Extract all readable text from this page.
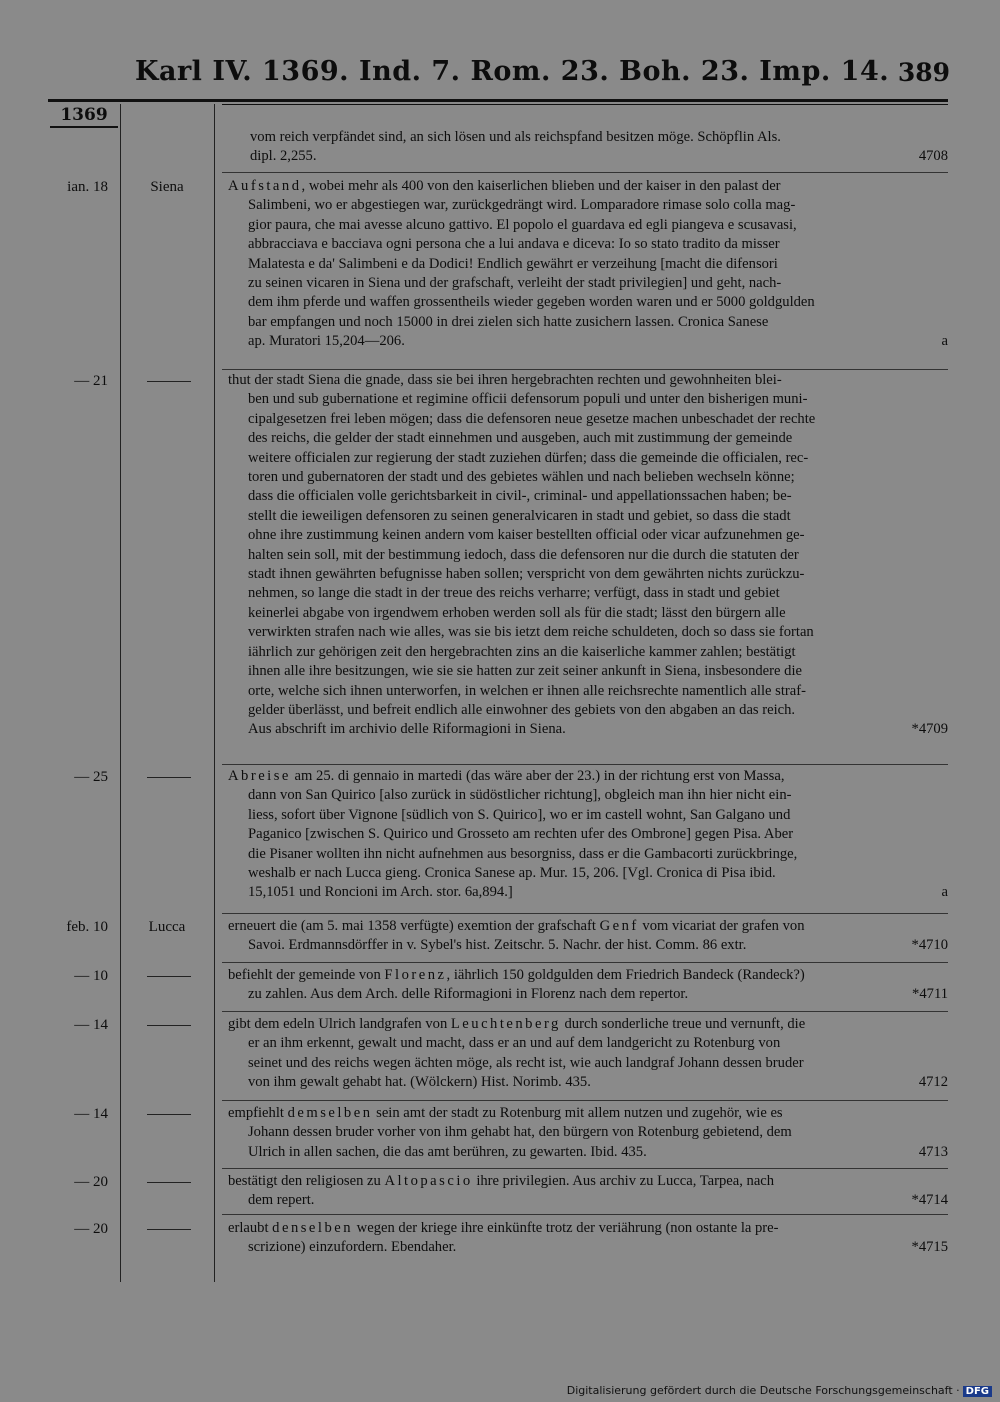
Karl IV. 1369. Ind. 7. Rom. 23. Boh. 23. Imp. 14. 389
1369
vom reich verpfändet sind, an sich lösen und als reichspfand besitzen möge. Schöpflin Als.
dipl. 2,255.	4708
ian. 18	Siena	Aufstand, wobei mehr als 400 von den kaiserlichen blieben und der kaiser in den palast der
Salimbeni, wo er abgestiegen war, zurückgedrängt wird. Lomparadore rimase solo colla mag-
gior paura, che mai avesse alcuno gattivo. El popolo el guardava ed egli piangeva e scusavasi,
abbracciava e bacciava ogni persona che a lui andava e diceva: Io so stato tradito da misser
Malatesta e da' Salimbeni e da Dodici! Endlich gewährt er verzeihung [macht die difensori
zu seinen vicaren in Siena und der grafschaft, verleiht der stadt privilegien] und geht, nach-
dem ihm pferde und waffen grossentheils wieder gegeben worden waren und er 5000 goldgulden
bar empfangen und noch 15000 in drei zielen sich hatte zusichern lassen. Cronica Sanese
ap. Muratori 15,204—206.	a
— 21	thut der stadt Siena die gnade, dass sie bei ihren hergebrachten rechten und gewohnheiten blei-
ben und sub gubernatione et regimine officii defensorum populi und unter den bisherigen muni-
cipalgesetzen frei leben mögen; dass die defensoren neue gesetze machen unbeschadet der rechte
des reichs, die gelder der stadt einnehmen und ausgeben, auch mit zustimmung der gemeinde
weitere officialen zur regierung der stadt zuziehen dürfen; dass die gemeinde die officialen, rec-
toren und gubernatoren der stadt und des gebietes wählen und nach belieben wechseln könne;
dass die officialen volle gerichtsbarkeit in civil-, criminal- und appellationssachen haben; be-
stellt die ieweiligen defensoren zu seinen generalvicaren in stadt und gebiet, so dass die stadt
ohne ihre zustimmung keinen andern vom kaiser bestellten official oder vicar aufzunehmen ge-
halten sein soll, mit der bestimmung iedoch, dass die defensoren nur die durch die statuten der
stadt ihnen gewährten befugnisse haben sollen; verspricht von dem gewährten nichts zurückzu-
nehmen, so lange die stadt in der treue des reichs verharre; verfügt, dass in stadt und gebiet
keinerlei abgabe von irgendwem erhoben werden soll als für die stadt; lässt den bürgern alle
verwirkten strafen nach wie alles, was sie bis ietzt dem reiche schuldeten, doch so dass sie fortan
iährlich zur gehörigen zeit den hergebrachten zins an die kaiserliche kammer zahlen; bestätigt
ihnen alle ihre besitzungen, wie sie sie hatten zur zeit seiner ankunft in Siena, insbesondere die
orte, welche sich ihnen unterworfen, in welchen er ihnen alle reichsrechte namentlich alle straf-
gelder überlässt, und befreit endlich alle einwohner des gebiets von den abgaben an das reich.
Aus abschrift im archivio delle Riformagioni in Siena.	*4709
— 25	Abreise am 25. di gennaio in martedi (das wäre aber der 23.) in der richtung erst von Massa,
dann von San Quirico [also zurück in südöstlicher richtung], obgleich man ihn hier nicht ein-
liess, sofort über Vignone [südlich von S. Quirico], wo er im castell wohnt, San Galgano und
Paganico [zwischen S. Quirico und Grosseto am rechten ufer des Ombrone] gegen Pisa. Aber
die Pisaner wollten ihn nicht aufnehmen aus besorgniss, dass er die Gambacorti zurückbringe,
weshalb er nach Lucca gieng. Cronica Sanese ap. Mur. 15, 206. [Vgl. Cronica di Pisa ibid.
15,1051 und Roncioni im Arch. stor. 6a,894.]	a
feb. 10	Lucca	erneuert die (am 5. mai 1358 verfügte) exemtion der grafschaft Genf vom vicariat der grafen von
Savoi. Erdmannsdörffer in v. Sybel's hist. Zeitschr. 5. Nachr. der hist. Comm. 86 extr.	*4710
— 10	befiehlt der gemeinde von Florenz, iährlich 150 goldgulden dem Friedrich Bandeck (Randeck?)
zu zahlen. Aus dem Arch. delle Riformagioni in Florenz nach dem repertor.	*4711
— 14	gibt dem edeln Ulrich landgrafen von Leuchtenberg durch sonderliche treue und vernunft, die
er an ihm erkennt, gewalt und macht, dass er an und auf dem landgericht zu Rotenburg von
seinet und des reichs wegen ächten möge, als recht ist, wie auch landgraf Johann dessen bruder
von ihm gewalt gehabt hat. (Wölckern) Hist. Norimb. 435.	4712
— 14	empfiehlt demselben sein amt der stadt zu Rotenburg mit allem nutzen und zugehör, wie es
Johann dessen bruder vorher von ihm gehabt hat, den bürgern von Rotenburg gebietend, dem
Ulrich in allen sachen, die das amt berühren, zu gewarten. Ibid. 435.	4713
— 20	bestätigt den religiosen zu Altopascio ihre privilegien. Aus archiv zu Lucca, Tarpea, nach
dem repert.	*4714
— 20	erlaubt denselben wegen der kriege ihre einkünfte trotz der veriährung (non ostante la pre-
scrizione) einzufordern. Ebendaher.	*4715
Digitalisierung gefördert durch die Deutsche Forschungsgemeinschaft · DFG
